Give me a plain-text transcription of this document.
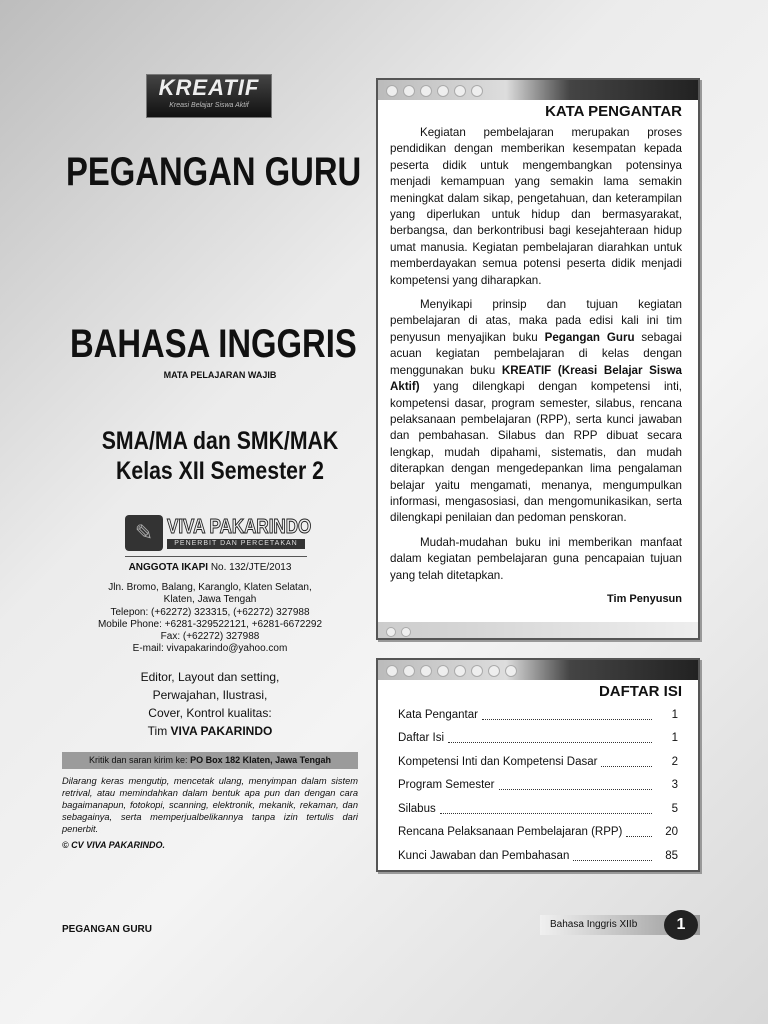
KREATIF
Kreasi Belajar Siswa Aktif
PEGANGAN GURU
BAHASA INGGRIS
MATA PELAJARAN WAJIB
SMA/MA dan SMK/MAK
Kelas XII Semester 2
✎ VIVA PAKARINDO
PENERBIT DAN PERCETAKAN
ANGGOTA IKAPI No. 132/JTE/2013
Jln. Bromo, Balang, Karanglo, Klaten Selatan,
Klaten, Jawa Tengah
Telepon: (+62272) 323315, (+62272) 327988
Mobile Phone: +6281-329522121, +6281-6672292
Fax: (+62272) 327988
E-mail: vivapakarindo@yahoo.com
Editor, Layout dan setting,
Perwajahan, Ilustrasi,
Cover, Kontrol kualitas:
Tim VIVA PAKARINDO
Kritik dan saran kirim ke: PO Box 182 Klaten, Jawa Tengah
Dilarang keras mengutip, mencetak ulang, menyimpan dalam sistem retrival, atau memindahkan dalam bentuk apa pun dan dengan cara bagaimanapun, fotokopi, scanning, elektronik, mekanik, rekaman, dan sebagainya, serta memperjualbelikannya tanpa izin tertulis dari penerbit.
© CV VIVA PAKARINDO.
KATA PENGANTAR

Kegiatan pembelajaran merupakan proses pendidikan dengan memberikan kesempatan kepada peserta didik untuk mengembangkan potensinya menjadi kemampuan yang semakin lama semakin meningkat dalam sikap, pengetahuan, dan keterampilan yang diperlukan untuk hidup dan bermasyarakat, berbangsa, dan berkontribusi bagi kesejahteraan hidup umat manusia. Kegiatan pembelajaran diarahkan untuk memberdayakan semua potensi peserta didik menjadi kompetensi yang diharapkan.

Menyikapi prinsip dan tujuan kegiatan pembelajaran di atas, maka pada edisi kali ini tim penyusun menyajikan buku Pegangan Guru sebagai acuan kegiatan pembelajaran di kelas dengan menggunakan buku KREATIF (Kreasi Belajar Siswa Aktif) yang dilengkapi dengan kompetensi inti, kompetensi dasar, program semester, silabus, rencana pelaksanaan pembelajaran (RPP), serta kunci jawaban dan pembahasan. Silabus dan RPP dibuat secara lengkap, mudah dipahami, sistematis, dan mudah diterapkan dengan mengedepankan lima pengalaman belajar yaitu mengamati, menanya, mengumpulkan informasi, mengasosiasi, dan mengomunikasikan, serta dilengkapi penilaian dan pedoman penskoran.

Mudah-mudahan buku ini memberikan manfaat dalam kegiatan pembelajaran guna pencapaian tujuan yang telah ditetapkan.

Tim Penyusun
DAFTAR ISI
Kata Pengantar	1
Daftar Isi	1
Kompetensi Inti dan Kompetensi Dasar	2
Program Semester	3
Silabus	5
Rencana Pelaksanaan Pembelajaran (RPP)	20
Kunci Jawaban dan Pembahasan	85
PEGANGAN GURU	Bahasa Inggris XIIb	1
